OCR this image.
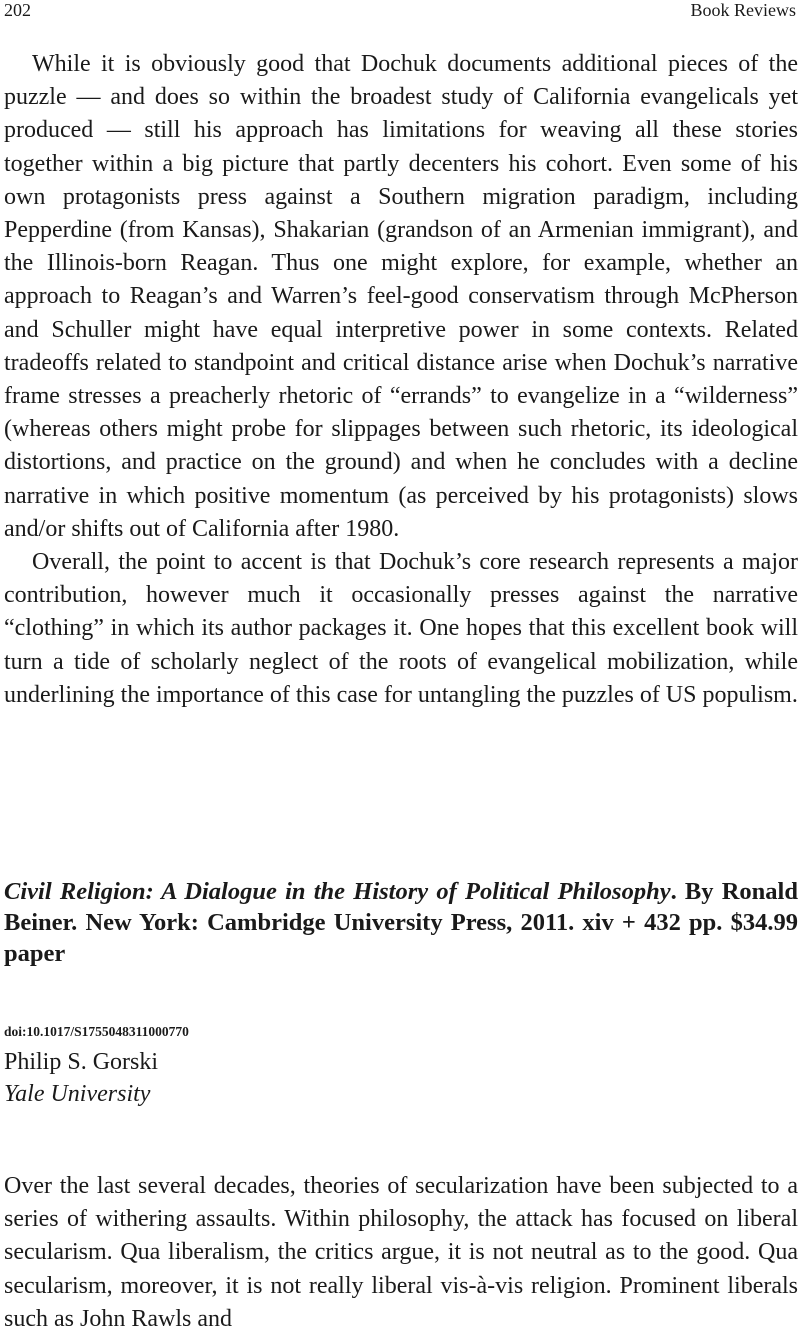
202	Book Reviews

While it is obviously good that Dochuk documents additional pieces of the puzzle — and does so within the broadest study of California evangelicals yet produced — still his approach has limitations for weaving all these stories together within a big picture that partly decenters his cohort. Even some of his own protagonists press against a Southern migration paradigm, including Pepperdine (from Kansas), Shakarian (grandson of an Armenian immigrant), and the Illinois-born Reagan. Thus one might explore, for example, whether an approach to Reagan’s and Warren’s feel-good conservatism through McPherson and Schuller might have equal interpretive power in some contexts. Related tradeoffs related to standpoint and critical distance arise when Dochuk’s narrative frame stresses a preacherly rhetoric of “errands” to evangelize in a “wilderness” (whereas others might probe for slippages between such rhetoric, its ideological distortions, and practice on the ground) and when he concludes with a decline narrative in which positive momentum (as perceived by his protagonists) slows and/or shifts out of California after 1980.

Overall, the point to accent is that Dochuk’s core research represents a major contribution, however much it occasionally presses against the narrative “clothing” in which its author packages it. One hopes that this excellent book will turn a tide of scholarly neglect of the roots of evangelical mobilization, while underlining the importance of this case for untangling the puzzles of US populism.

Civil Religion: A Dialogue in the History of Political Philosophy. By Ronald Beiner. New York: Cambridge University Press, 2011. xiv + 432 pp. $34.99 paper
doi:10.1017/S1755048311000770
Philip S. Gorski
Yale University

Over the last several decades, theories of secularization have been subjected to a series of withering assaults. Within philosophy, the attack has focused on liberal secularism. Qua liberalism, the critics argue, it is not neutral as to the good. Qua secularism, moreover, it is not really liberal vis-à-vis religion. Prominent liberals such as John Rawls and
